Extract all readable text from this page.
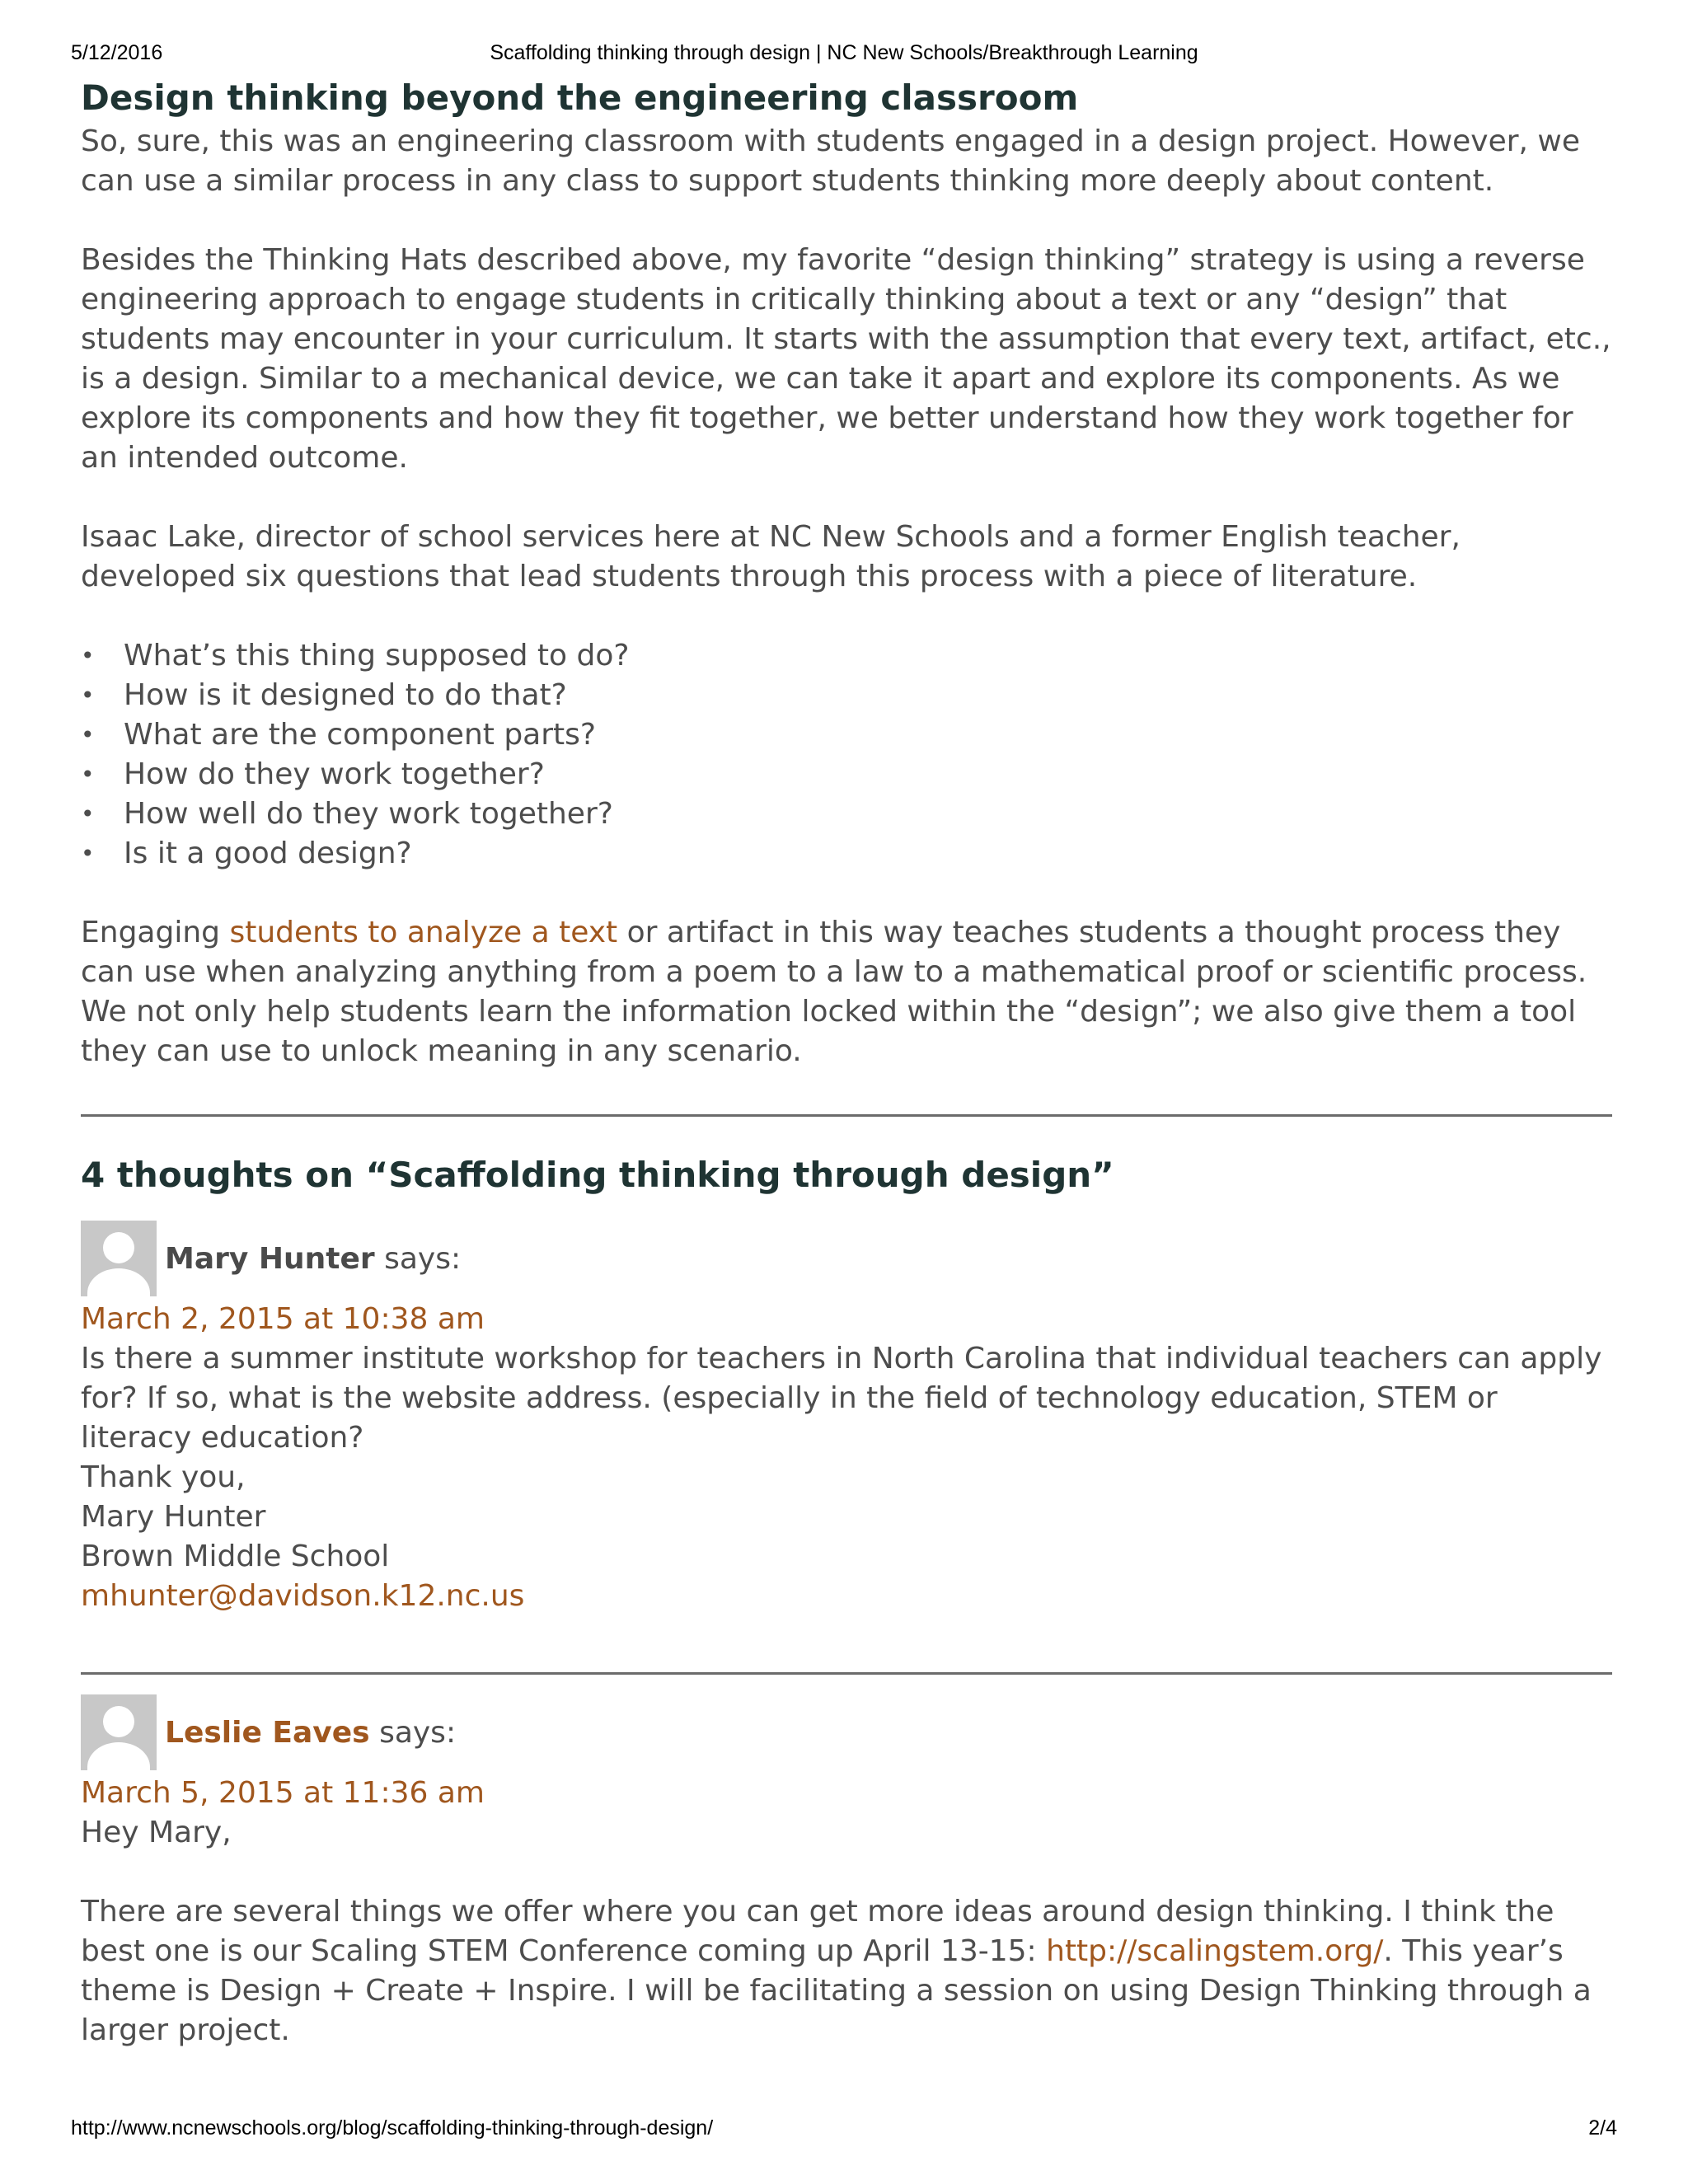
5/12/2016	Scaffolding thinking through design | NC New Schools/Breakthrough Learning
Design thinking beyond the engineering classroom

So, sure, this was an engineering classroom with students engaged in a design project. However, we can use a similar process in any class to support students thinking more deeply about content.

Besides the Thinking Hats described above, my favorite “design thinking” strategy is using a reverse engineering approach to engage students in critically thinking about a text or any “design” that students may encounter in your curriculum. It starts with the assumption that every text, artifact, etc., is a design. Similar to a mechanical device, we can take it apart and explore its components. As we explore its components and how they fit together, we better understand how they work together for an intended outcome.

Isaac Lake, director of school services here at NC New Schools and a former English teacher, developed six questions that lead students through this process with a piece of literature.

• What’s this thing supposed to do?
• How is it designed to do that?
• What are the component parts?
• How do they work together?
• How well do they work together?
• Is it a good design?

Engaging students to analyze a text or artifact in this way teaches students a thought process they can use when analyzing anything from a poem to a law to a mathematical proof or scientific process. We not only help students learn the information locked within the “design”; we also give them a tool they can use to unlock meaning in any scenario.

4 thoughts on “Scaffolding thinking through design”
Mary Hunter says:
March 2, 2015 at 10:38 am

Is there a summer institute workshop for teachers in North Carolina that individual teachers can apply for? If so, what is the website address. (especially in the field of technology education, STEM or literacy education?

Thank you,

Mary Hunter

Brown Middle School

mhunter@davidson.k12.nc.us

Leslie Eaves says:
March 5, 2015 at 11:36 am

Hey Mary,

There are several things we offer where you can get more ideas around design thinking. I think the best one is our Scaling STEM Conference coming up April 13-15: http://scalingstem.org/. This year’s theme is Design + Create + Inspire. I will be facilitating a session on using Design Thinking through a larger project.

http://www.ncnewschools.org/blog/scaffolding-thinking-through-design/	2/4
